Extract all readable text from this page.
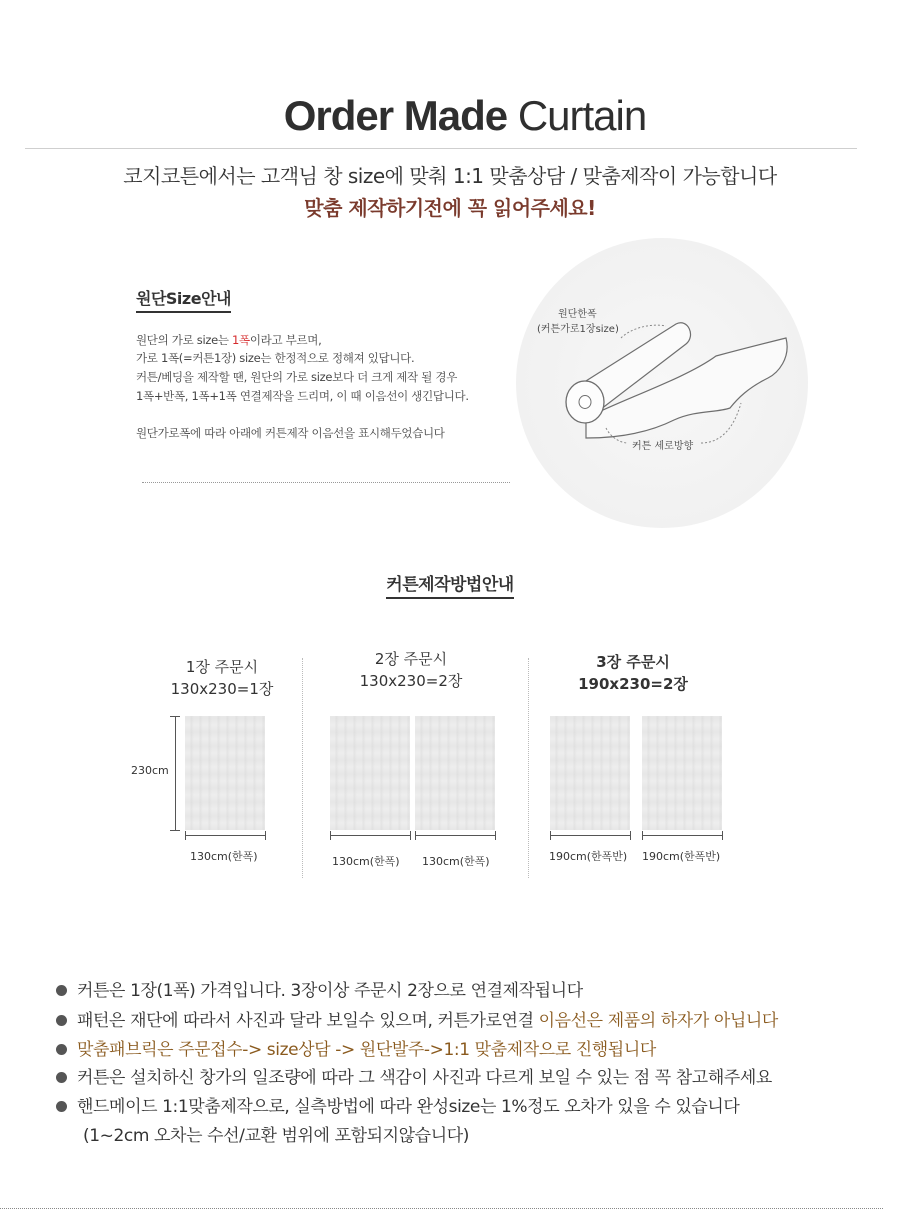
Order Made Curtain
코지코튼에서는 고객님 창 size에 맞춰 1:1 맞춤상담 / 맞춤제작이 가능합니다
맞춤 제작하기전에 꼭 읽어주세요!
원단Size안내
원단의 가로 size는 1폭이라고 부르며,
가로 1폭(=커튼1장) size는 한정적으로 정해져 있답니다.
커튼/베딩을 제작할 땐, 원단의 가로 size보다 더 크게 제작 될 경우
1폭+반폭, 1폭+1폭 연결제작을 드리며, 이 때 이음선이 생긴답니다.
원단가로폭에 따라 아래에 커튼제작 이음선을 표시해두었습니다
원단한폭
(커튼가로1장size)
커튼 세로방향
커튼제작방법안내
1장 주문시
130x230=1장
230cm
130cm(한폭)
2장 주문시
130x230=2장
130cm(한폭) 130cm(한폭)
3장 주문시
190x230=2장
190cm(한폭반) 190cm(한폭반)
커튼은 1장(1폭) 가격입니다. 3장이상 주문시 2장으로 연결제작됩니다
패턴은 재단에 따라서 사진과 달라 보일수 있으며, 커튼가로연결 이음선은 제품의 하자가 아닙니다
맞춤패브릭은 주문접수-> size상담 -> 원단발주->1:1 맞춤제작으로 진행됩니다
커튼은 설치하신 창가의 일조량에 따라 그 색감이 사진과 다르게 보일 수 있는 점 꼭 참고해주세요
핸드메이드 1:1맞춤제작으로, 실측방법에 따라 완성size는 1%정도 오차가 있을 수 있습니다
(1~2cm 오차는 수선/교환 범위에 포함되지않습니다)
